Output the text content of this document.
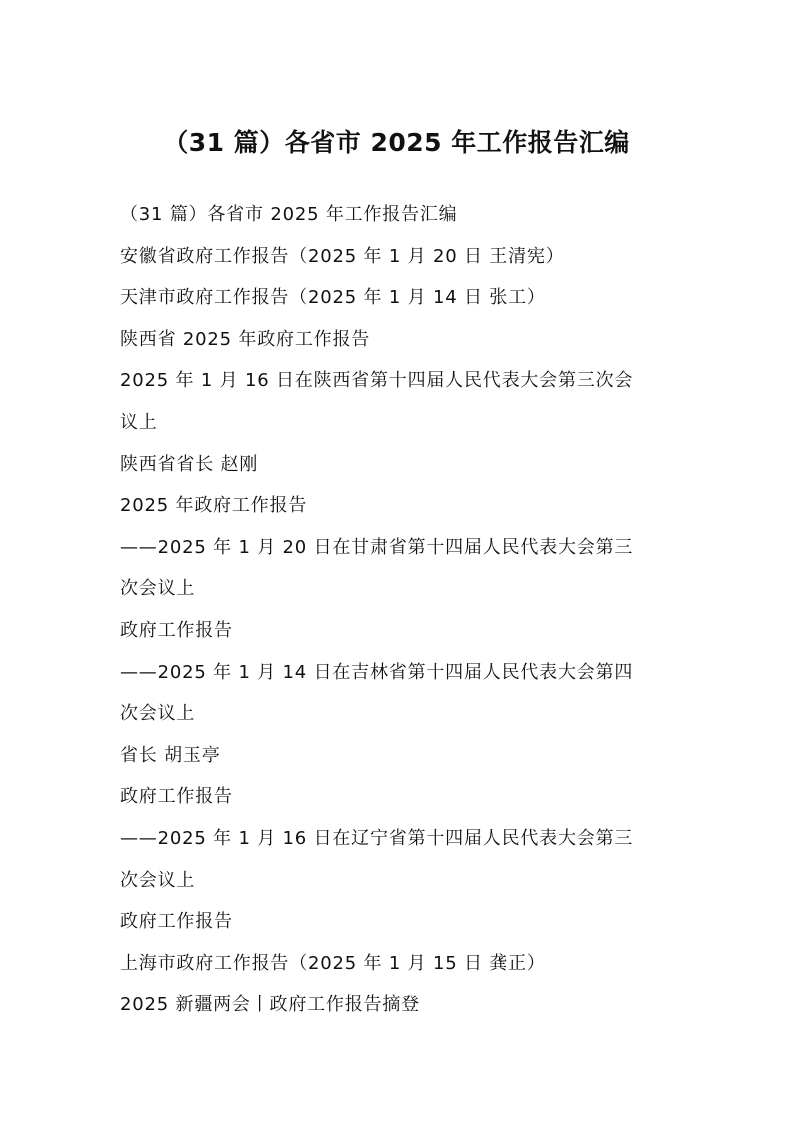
（31 篇）各省市 2025 年工作报告汇编
（31 篇）各省市 2025 年工作报告汇编
安徽省政府工作报告（2025 年 1 月 20 日 王清宪）
天津市政府工作报告（2025 年 1 月 14 日 张工）
陕西省 2025 年政府工作报告
2025 年 1 月 16 日在陕西省第十四届人民代表大会第三次会
议上
陕西省省长 赵刚
2025 年政府工作报告
——2025 年 1 月 20 日在甘肃省第十四届人民代表大会第三
次会议上
政府工作报告
——2025 年 1 月 14 日在吉林省第十四届人民代表大会第四
次会议上
省长 胡玉亭
政府工作报告
——2025 年 1 月 16 日在辽宁省第十四届人民代表大会第三
次会议上
政府工作报告
上海市政府工作报告（2025 年 1 月 15 日 龚正）
2025 新疆两会丨政府工作报告摘登
